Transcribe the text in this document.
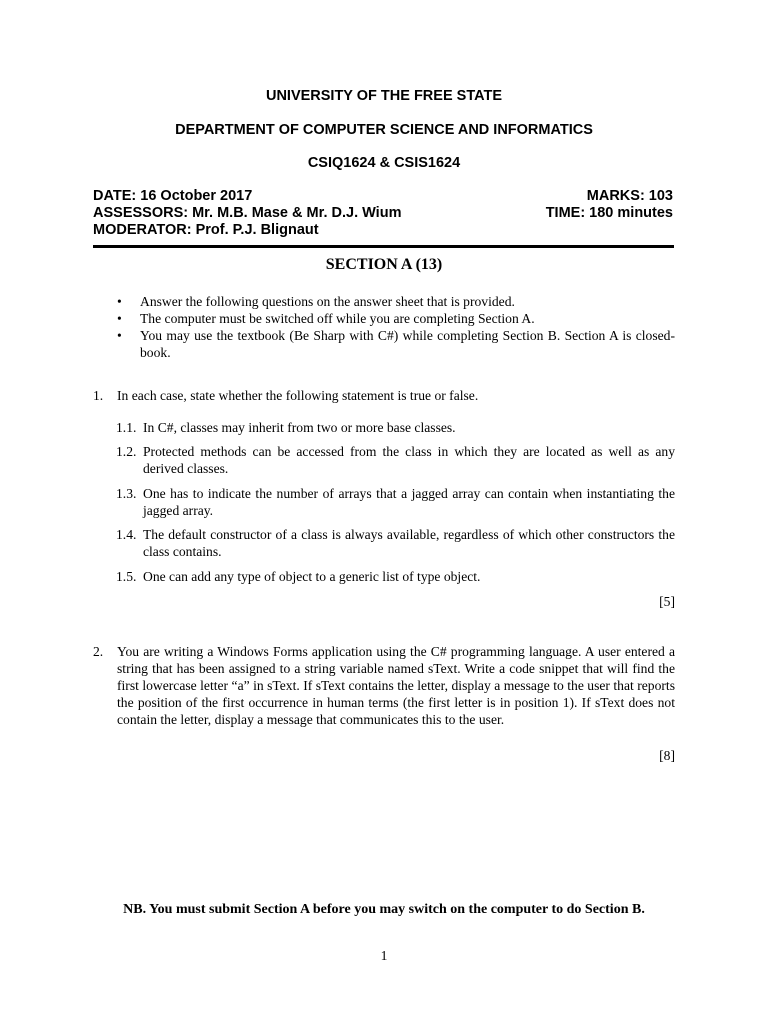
UNIVERSITY OF THE FREE STATE
DEPARTMENT OF COMPUTER SCIENCE AND INFORMATICS
CSIQ1624 & CSIS1624
DATE: 16 October 2017	MARKS: 103
ASSESSORS: Mr. M.B. Mase & Mr. D.J. Wium	TIME: 180 minutes
MODERATOR: Prof. P.J. Blignaut
SECTION A (13)
• Answer the following questions on the answer sheet that is provided.
• The computer must be switched off while you are completing Section A.
• You may use the textbook (Be Sharp with C#) while completing Section B. Section A is closed-book.
1. In each case, state whether the following statement is true or false.
1.1. In C#, classes may inherit from two or more base classes.
1.2. Protected methods can be accessed from the class in which they are located as well as any derived classes.
1.3. One has to indicate the number of arrays that a jagged array can contain when instantiating the jagged array.
1.4. The default constructor of a class is always available, regardless of which other constructors the class contains.
1.5. One can add any type of object to a generic list of type object.
[5]
2. You are writing a Windows Forms application using the C# programming language. A user entered a string that has been assigned to a string variable named sText. Write a code snippet that will find the first lowercase letter “a” in sText. If sText contains the letter, display a message to the user that reports the position of the first occurrence in human terms (the first letter is in position 1). If sText does not contain the letter, display a message that communicates this to the user.
[8]
NB. You must submit Section A before you may switch on the computer to do Section B.
1
